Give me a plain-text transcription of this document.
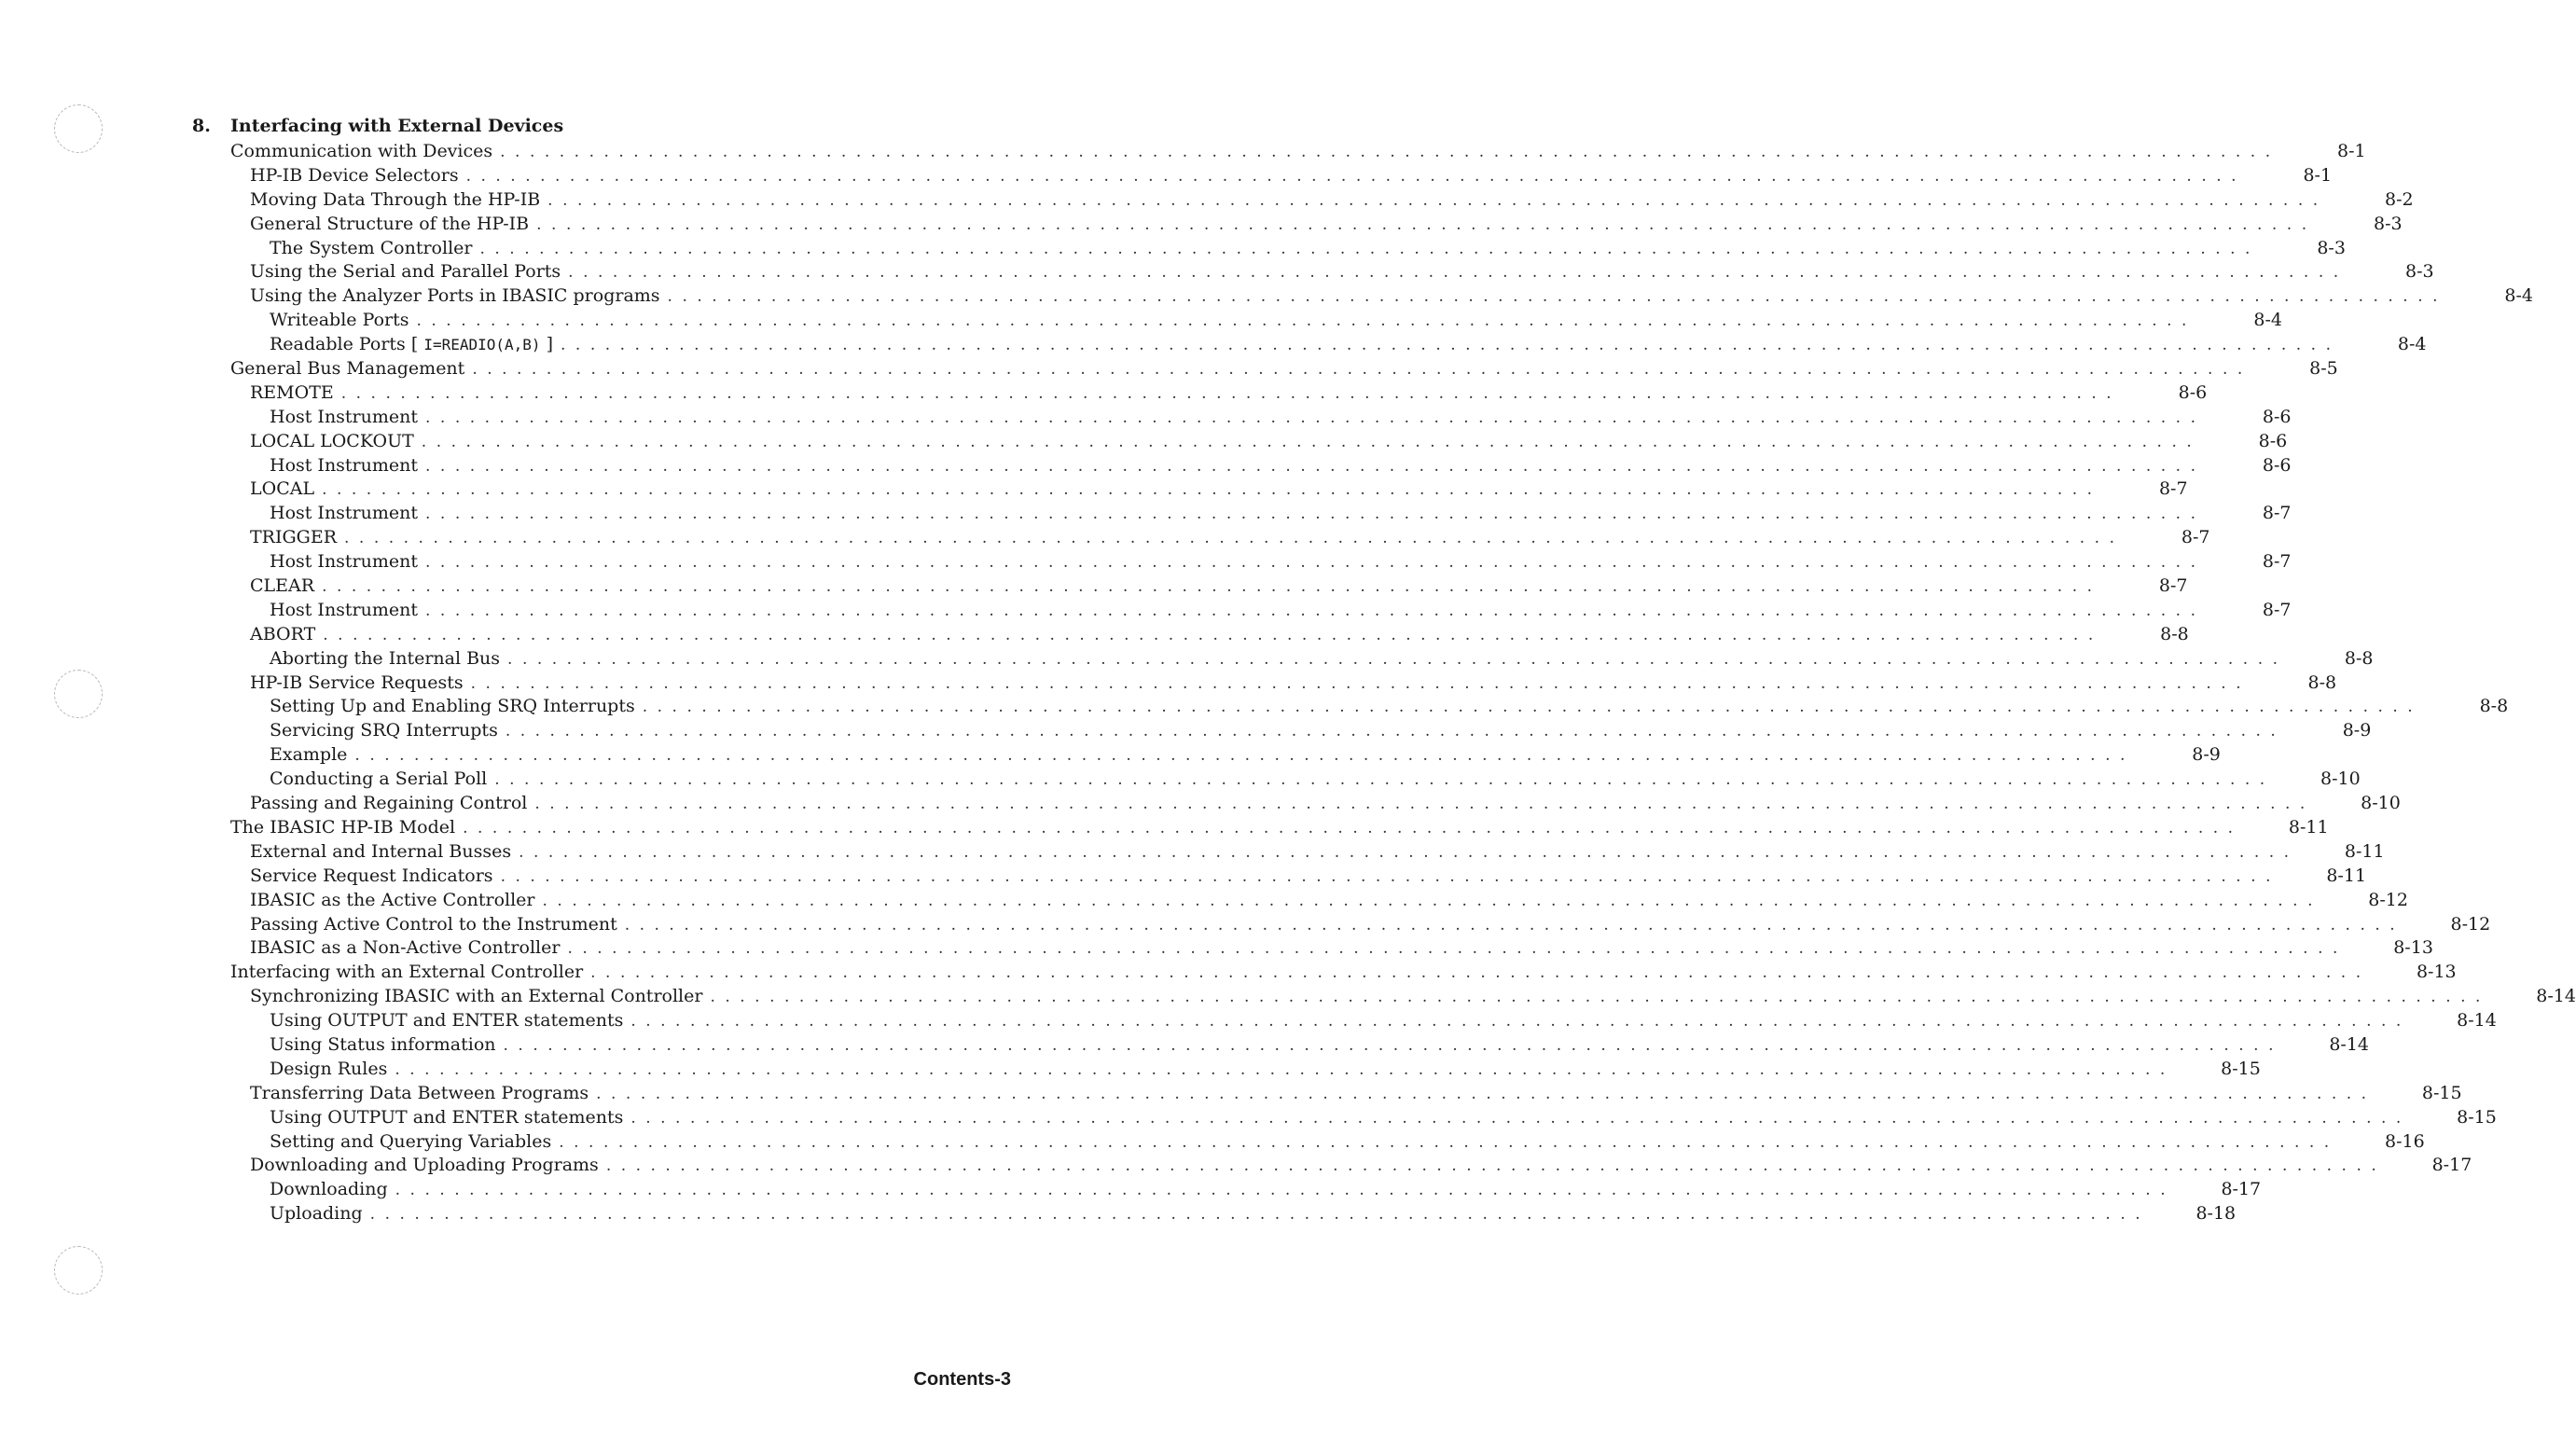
8. Interfacing with External Devices
Communication with Devices ........................................................................................................................	8-1
HP-IB Device Selectors ........................................................................................................................	8-1
Moving Data Through the HP-IB ........................................................................................................................	8-2
General Structure of the HP-IB ........................................................................................................................	8-3
The System Controller ........................................................................................................................	8-3
Using the Serial and Parallel Ports ........................................................................................................................	8-3
Using the Analyzer Ports in IBASIC programs ........................................................................................................................	8-4
Writeable Ports ........................................................................................................................	8-4
Readable Ports [ I=READIO(A,B) ] ........................................................................................................................	8-4
General Bus Management ........................................................................................................................	8-5
REMOTE ........................................................................................................................	8-6
Host Instrument ........................................................................................................................	8-6
LOCAL LOCKOUT ........................................................................................................................	8-6
Host Instrument ........................................................................................................................	8-6
LOCAL ........................................................................................................................	8-7
Host Instrument ........................................................................................................................	8-7
TRIGGER ........................................................................................................................	8-7
Host Instrument ........................................................................................................................	8-7
CLEAR ........................................................................................................................	8-7
Host Instrument ........................................................................................................................	8-7
ABORT ........................................................................................................................	8-8
Aborting the Internal Bus ........................................................................................................................	8-8
HP-IB Service Requests ........................................................................................................................	8-8
Setting Up and Enabling SRQ Interrupts ........................................................................................................................	8-8
Servicing SRQ Interrupts ........................................................................................................................	8-9
Example ........................................................................................................................	8-9
Conducting a Serial Poll ........................................................................................................................	8-10
Passing and Regaining Control ........................................................................................................................	8-10
The IBASIC HP-IB Model ........................................................................................................................	8-11
External and Internal Busses ........................................................................................................................	8-11
Service Request Indicators ........................................................................................................................	8-11
IBASIC as the Active Controller ........................................................................................................................	8-12
Passing Active Control to the Instrument ........................................................................................................................	8-12
IBASIC as a Non-Active Controller ........................................................................................................................	8-13
Interfacing with an External Controller ........................................................................................................................	8-13
Synchronizing IBASIC with an External Controller ........................................................................................................................	8-14
Using OUTPUT and ENTER statements ........................................................................................................................	8-14
Using Status information ........................................................................................................................	8-14
Design Rules ........................................................................................................................	8-15
Transferring Data Between Programs ........................................................................................................................	8-15
Using OUTPUT and ENTER statements ........................................................................................................................	8-15
Setting and Querying Variables ........................................................................................................................	8-16
Downloading and Uploading Programs ........................................................................................................................	8-17
Downloading ........................................................................................................................	8-17
Uploading ........................................................................................................................	8-18
Contents-3
